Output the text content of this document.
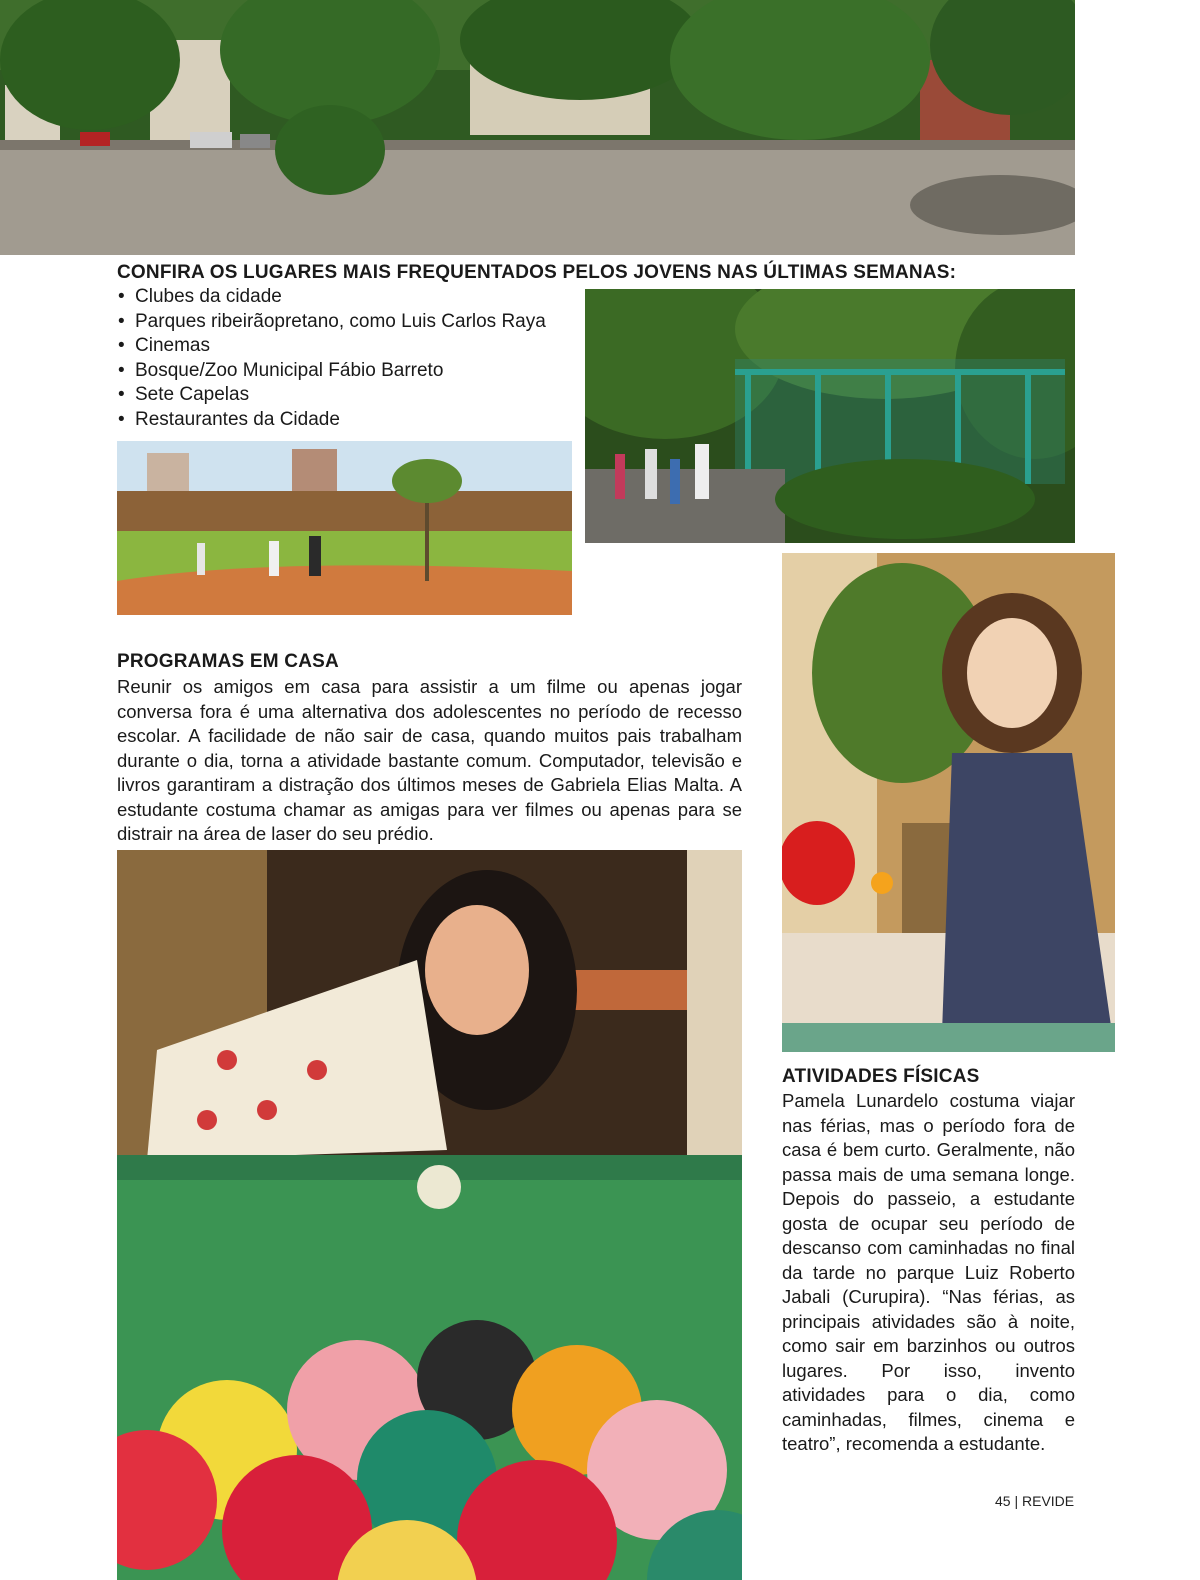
CONFIRA OS LUGARES MAIS FREQUENTADOS PELOS JOVENS NAS ÚLTIMAS SEMANAS:
• Clubes da cidade
• Parques ribeirãopretano, como Luis Carlos Raya
• Cinemas
• Bosque/Zoo Municipal Fábio Barreto
• Sete Capelas
• Restaurantes da Cidade
PROGRAMAS EM CASA
Reunir os amigos em casa para assistir a um filme ou apenas jogar conversa fora é uma alternativa dos adolescentes no período de recesso escolar. A facilidade de não sair de casa, quando muitos pais trabalham durante o dia, torna a atividade bastante comum. Computador, televisão e livros garantiram a distração dos últimos meses de Gabriela Elias Malta. A estudante costuma chamar as amigas para ver filmes ou apenas para se distrair na área de laser do seu prédio.
ATIVIDADES FÍSICAS
Pamela Lunardelo costuma viajar nas férias, mas o período fora de casa é bem curto. Geralmente, não passa mais de uma semana longe. Depois do passeio, a estudante gosta de ocupar seu período de descanso com caminhadas no final da tarde no parque Luiz Roberto Jabali (Curupira). “Nas férias, as principais atividades são à noite, como sair em barzinhos ou outros lugares. Por isso, invento atividades para o dia, como caminhadas, filmes, cinema e teatro”, recomenda a estudante.
45 | REVIDE
